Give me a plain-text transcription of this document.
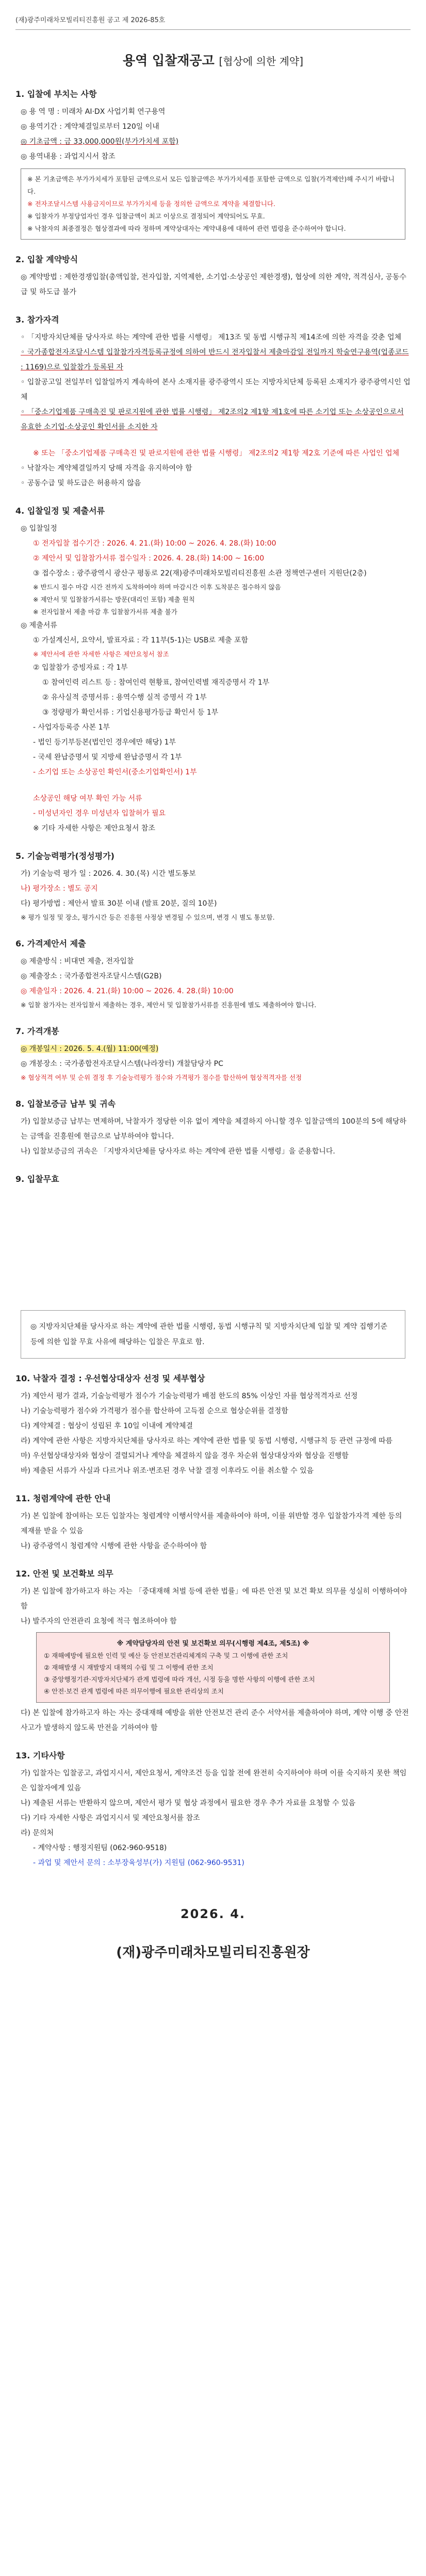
(재)광주미래차모빌리티진흥원 공고 제 2026-85호
용역 입찰재공고 [협상에 의한 계약]
1. 입찰에 부치는 사항
◎ 용 역 명 : 미래차 AI·DX 사업기획 연구용역
◎ 용역기간 : 계약체결일로부터 120일 이내
◎ 기초금액 : 금 33,000,000원(부가가치세 포함)
◎ 용역내용 : 과업지시서 참조
※ 본 기초금액은 부가가치세가 포함된 금액으로서 모든 입찰금액은 부가가치세를 포함한 금액으로 입찰(가격제안)해 주시기 바랍니다.
※ 전자조달시스템 사용금지이므로 부가가치세 등을 정의한 금액으로 계약을 체결합니다.
※ 입찰자가 부정당업자인 경우 입찰금액이 최고 이상으로 결정되어 계약되어도 무효.
※ 낙찰자의 최종결정은 협상결과에 따라 정하며 계약상대자는 계약내용에 대하여 관련 법령을 준수하여야 합니다.
2. 입찰 계약방식
◎ 계약방법 : 제한경쟁입찰(총액입찰, 전자입찰, 지역제한, 소기업·소상공인 제한경쟁), 협상에 의한 계약, 적격심사, 공동수급 및 하도급 불가
3. 참가자격
◦ 「지방자치단체를 당사자로 하는 계약에 관한 법률 시행령」 제13조 및 동법 시행규칙 제14조에 의한 자격을 갖춘 업체
◦ 국가종합전자조달시스템 입찰참가자격등록규정에 의하여 반드시 전자입찰서 제출마감일 전일까지 학술연구용역(업종코드 : 1169)으로 입찰참가 등록된 자
◦ 입찰공고일 전일부터 입찰일까지 계속하여 본사 소재지를 광주광역시 또는 지방자치단체 등록된 소재지가 광주광역시인 업체
◦ 「중소기업제품 구매촉진 및 판로지원에 관한 법률 시행령」 제2조의2 제1항 제1호에 따른 소기업 또는 소상공인으로서 유효한 소기업·소상공인 확인서를 소지한 자
※ 또는 「중소기업제품 구매촉진 및 판로지원에 관한 법률 시행령」 제2조의2 제1항 제2호 기준에 따른 사업인 업체
◦ 낙찰자는 계약체결일까지 당해 자격을 유지하여야 함
◦ 공동수급 및 하도급은 허용하지 않음
4. 입찰일정 및 제출서류
◎ 입찰일정
① 전자입찰 접수기간 : 2026. 4. 21.(화) 10:00 ~ 2026. 4. 28.(화) 10:00
② 제안서 및 입찰참가서류 접수일자 : 2026. 4. 28.(화) 14:00 ~ 16:00
③ 접수장소 : 광주광역시 광산구 평동로 22(재)광주미래차모빌리티진흥원 소관 정책연구센터 지원단(2층)
※ 반드시 접수 마감 시간 전까지 도착하여야 하며 마감시간 이후 도착분은 접수하지 않음
※ 제안서 및 입찰참가서류는 방문(대리인 포함) 제출 원칙
※ 전자입찰서 제출 마감 후 입찰참가서류 제출 불가
◎ 제출서류
① 가설계신서, 요약서, 발표자료 : 각 11부(5-1)는 USB로 제출 포함
※ 제안서에 관한 자세한 사항은 제안요청서 참조
② 입찰참가 증빙자료 : 각 1부
① 참여인력 리스트 등 : 참여인력 현황표, 참여인력별 재직증명서 각 1부
② 유사실적 증명서류 : 용역수행 실적 증명서 각 1부
③ 정량평가 확인서류 : 기업신용평가등급 확인서 등 1부
- 사업자등록증 사본 1부
- 법인 등기부등본(법인인 경우에만 해당) 1부
- 국세 완납증명서 및 지방세 완납증명서 각 1부
- 소기업 또는 소상공인 확인서(중소기업확인서) 1부
소상공인 해당 여부 확인 가능 서류
- 미성년자인 경우 미성년자 입찰허가 필요
※ 기타 자세한 사항은 제안요청서 참조
5. 기술능력평가(정성평가)
가) 기술능력 평가 일 : 2026. 4. 30.(목) 시간 별도통보
나) 평가장소 : 별도 공지
다) 평가방법 : 제안서 발표 30분 이내 (발표 20분, 질의 10분)
※ 평가 일정 및 장소, 평가시간 등은 진흥원 사정상 변경될 수 있으며, 변경 시 별도 통보함.
6. 가격제안서 제출
◎ 제출방식 : 비대면 제출, 전자입찰
◎ 제출장소 : 국가종합전자조달시스템(G2B)
◎ 제출일자 : 2026. 4. 21.(화) 10:00 ~ 2026. 4. 28.(화) 10:00
※ 입찰 참가자는 전자입찰서 제출하는 경우, 제안서 및 입찰참가서류를 진흥원에 별도 제출하여야 합니다.
7. 가격개봉
◎ 개봉일시 : 2026. 5. 4.(월) 11:00(예정)
◎ 개봉장소 : 국가종합전자조달시스템(나라장터) 개찰담당자 PC
※ 협상적격 여부 및 순위 결정 후 기술능력평가 점수와 가격평가 점수를 합산하여 협상적격자를 선정
8. 입찰보증금 납부 및 귀속
가) 입찰보증금 납부는 면제하며, 낙찰자가 정당한 이유 없이 계약을 체결하지 아니할 경우 입찰금액의 100분의 5에 해당하는 금액을 진흥원에 현금으로 납부하여야 합니다.
나) 입찰보증금의 귀속은 「지방자치단체를 당사자로 하는 계약에 관한 법률 시행령」을 준용합니다.
9. 입찰무효
◎ 지방자치단체를 당사자로 하는 계약에 관한 법률 시행령, 동법 시행규칙 및 지방자치단체 입찰 및 계약 집행기준 등에 의한 입찰 무효 사유에 해당하는 입찰은 무효로 함.
10. 낙찰자 결정 : 우선협상대상자 선정 및 세부협상
가) 제안서 평가 결과, 기술능력평가 점수가 기술능력평가 배점 한도의 85% 이상인 자를 협상적격자로 선정
나) 기술능력평가 점수와 가격평가 점수를 합산하여 고득점 순으로 협상순위를 결정함
다) 계약체결 : 협상이 성립된 후 10일 이내에 계약체결
라) 계약에 관한 사항은 지방자치단체를 당사자로 하는 계약에 관한 법률 및 동법 시행령, 시행규칙 등 관련 규정에 따름
마) 우선협상대상자와 협상이 결렬되거나 계약을 체결하지 않을 경우 차순위 협상대상자와 협상을 진행함
바) 제출된 서류가 사실과 다르거나 위조·변조된 경우 낙찰 결정 이후라도 이를 취소할 수 있음
11. 청렴계약에 관한 안내
가) 본 입찰에 참여하는 모든 입찰자는 청렴계약 이행서약서를 제출하여야 하며, 이를 위반할 경우 입찰참가자격 제한 등의 제재를 받을 수 있음
나) 광주광역시 청렴계약 시행에 관한 사항을 준수하여야 함
12. 안전 및 보건확보 의무
가) 본 입찰에 참가하고자 하는 자는 「중대재해 처벌 등에 관한 법률」에 따른 안전 및 보건 확보 의무를 성실히 이행하여야 함
나) 발주자의 안전관리 요청에 적극 협조하여야 함
※ 계약담당자의 안전 및 보건확보 의무(시행령 제4조, 제5조) ※
① 재해예방에 필요한 인력 및 예산 등 안전보건관리체계의 구축 및 그 이행에 관한 조치
② 재해발생 시 재발방지 대책의 수립 및 그 이행에 관한 조치
③ 중앙행정기관·지방자치단체가 관계 법령에 따라 개선, 시정 등을 명한 사항의 이행에 관한 조치
④ 안전·보건 관계 법령에 따른 의무이행에 필요한 관리상의 조치
다) 본 입찰에 참가하고자 하는 자는 중대재해 예방을 위한 안전보건 관리 준수 서약서를 제출하여야 하며, 계약 이행 중 안전사고가 발생하지 않도록 만전을 기하여야 함
13. 기타사항
가) 입찰자는 입찰공고, 과업지시서, 제안요청서, 계약조건 등을 입찰 전에 완전히 숙지하여야 하며 이를 숙지하지 못한 책임은 입찰자에게 있음
나) 제출된 서류는 반환하지 않으며, 제안서 평가 및 협상 과정에서 필요한 경우 추가 자료를 요청할 수 있음
다) 기타 자세한 사항은 과업지시서 및 제안요청서를 참조
라) 문의처
- 계약사항 : 행정지원팀 (062-960-9518)
- 과업 및 제안서 문의 : 소부장육성부(가) 지원팀 (062-960-9531)
2026. 4.
(재)광주미래차모빌리티진흥원장
